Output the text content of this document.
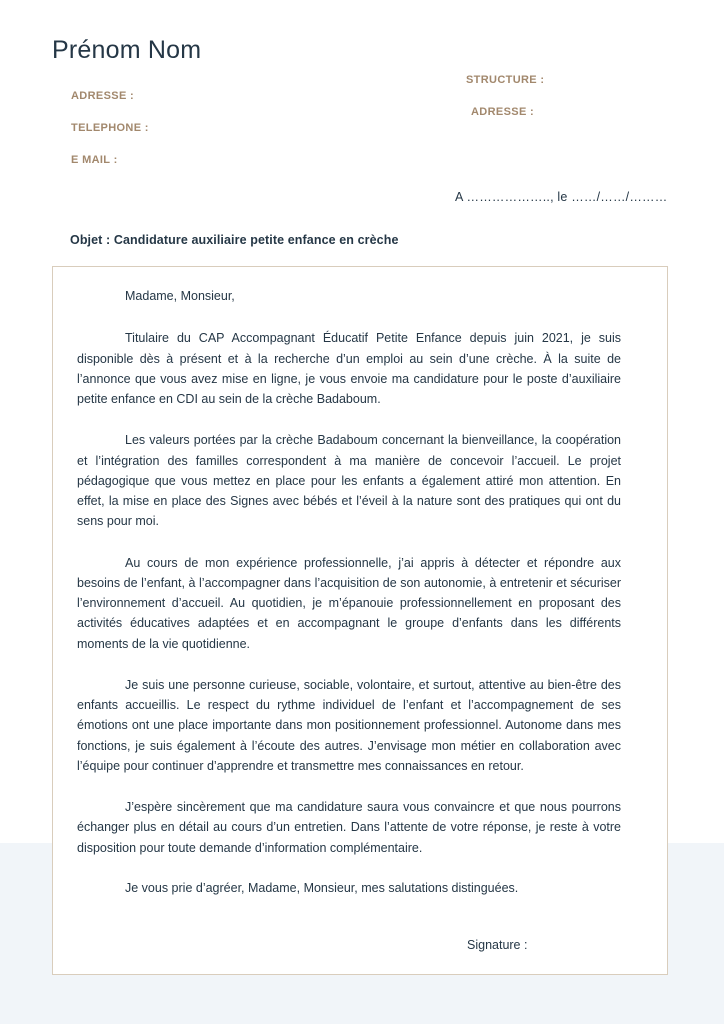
Prénom Nom
ADRESSE :
TELEPHONE :
E MAIL :
STRUCTURE :
ADRESSE :
A ……………….., le ……/……/………
Objet : Candidature auxiliaire petite enfance en crèche

Madame, Monsieur,

Titulaire du CAP Accompagnant Éducatif Petite Enfance depuis juin 2021, je suis disponible dès à présent et à la recherche d’un emploi au sein d’une crèche. À la suite de l’annonce que vous avez mise en ligne, je vous envoie ma candidature pour le poste d’auxiliaire petite enfance en CDI au sein de la crèche Badaboum.

Les valeurs portées par la crèche Badaboum concernant la bienveillance, la coopération et l’intégration des familles correspondent à ma manière de concevoir l’accueil. Le projet pédagogique que vous mettez en place pour les enfants a également attiré mon attention. En effet, la mise en place des Signes avec bébés et l’éveil à la nature sont des pratiques qui ont du sens pour moi.

Au cours de mon expérience professionnelle, j’ai appris à détecter et répondre aux besoins de l’enfant, à l’accompagner dans l’acquisition de son autonomie, à entretenir et sécuriser l’environnement d’accueil. Au quotidien, je m’épanouie professionnellement en proposant des activités éducatives adaptées et en accompagnant le groupe d’enfants dans les différents moments de la vie quotidienne.

Je suis une personne curieuse, sociable, volontaire, et surtout, attentive au bien-être des enfants accueillis. Le respect du rythme individuel de l’enfant et l’accompagnement de ses émotions ont une place importante dans mon positionnement professionnel. Autonome dans mes fonctions, je suis également à l’écoute des autres. J’envisage mon métier en collaboration avec l’équipe pour continuer d’apprendre et transmettre mes connaissances en retour.

J’espère sincèrement que ma candidature saura vous convaincre et que nous pourrons échanger plus en détail au cours d’un entretien. Dans l’attente de votre réponse, je reste à votre disposition pour toute demande d’information complémentaire.

Je vous prie d’agréer, Madame, Monsieur, mes salutations distinguées.

Signature :
